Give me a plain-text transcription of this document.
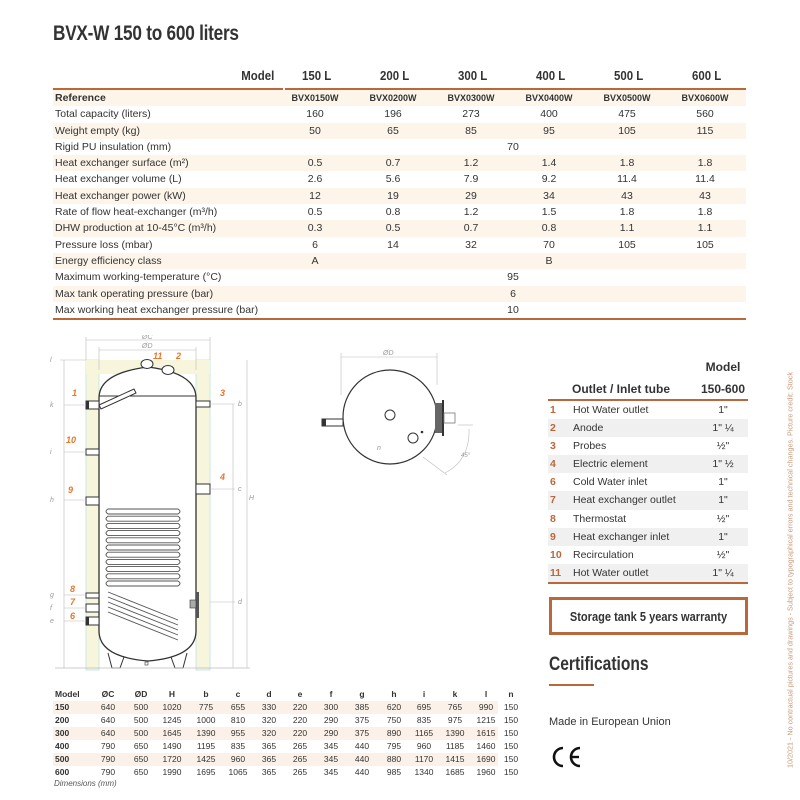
BVX-W 150 to 600 liters
Model 150 L	200 L	300 L	400 L	500 L	600 L
Reference	BVX0150W	BVX0200W	BVX0300W	BVX0400W	BVX0500W	BVX0600W
Total capacity (liters)	160	196	273	400	475	560
Weight empty (kg)	50	65	85	95	105	115
Rigid PU insulation (mm)	70
Heat exchanger surface (m²)	0.5	0.7	1.2	1.4	1.8	1.8
Heat exchanger volume (L)	2.6	5.6	7.9	9.2	11.4	11.4
Heat exchanger power (kW)	12	19	29	34	43	43
Rate of flow heat-exchanger (m³/h)	0.5	0.8	1.2	1.5	1.8	1.8
DHW production at 10-45°C (m³/h)	0.3	0.5	0.7	0.8	1.1	1.1
Pressure loss (mbar)	6	14	32	70	105	105
Energy efficiency class	A	B
Maximum working-temperature (°C)	95
Max tank operating pressure (bar)	6
Max working heat exchanger pressure (bar)	10
l
k
i
h
g
f
e
b
c
d
H
ØC
ØD
11 2
1	3
10
4
9
8
7
6
ØD
n
45°
Model
Outlet / Inlet tube	150-600
1 Hot Water outlet	1"
2 Anode	1" ¼
3 Probes	½"
4 Electric element	1" ½
6 Cold Water inlet	1"
7 Heat exchanger outlet	1"
8 Thermostat	½"
9 Heat exchanger inlet	1"
10 Recirculation	½"
11 Hot Water outlet	1" ¼
Storage tank 5 years warranty
Certifications
Made in European Union	10/2021 - No contractual pictures and drawings - Subject to typographical errors and technical changes. Picture credit: Stock
Model	ØC	ØD	H	b	c	d	e	f	g	h	i	k	l	n
150	640	500	1020	775	655	330	220	300	385	620	695	765	990	150
200	640	500	1245	1000	810	320	220	290	375	750	835	975	1215 150
300	640	500	1645	1390	955	320	220	290	375	890	1165	1390	1615 150
400	790	650	1490	1195	835	365	265	345	440	795	960	1185	1460 150
500	790	650	1720	1425	960	365	265	345	440	880	1170	1415	1690 150
600	790	650	1990	1695	1065	365	265	345	440	985	1340	1685	1960 150
Dimensions (mm)
